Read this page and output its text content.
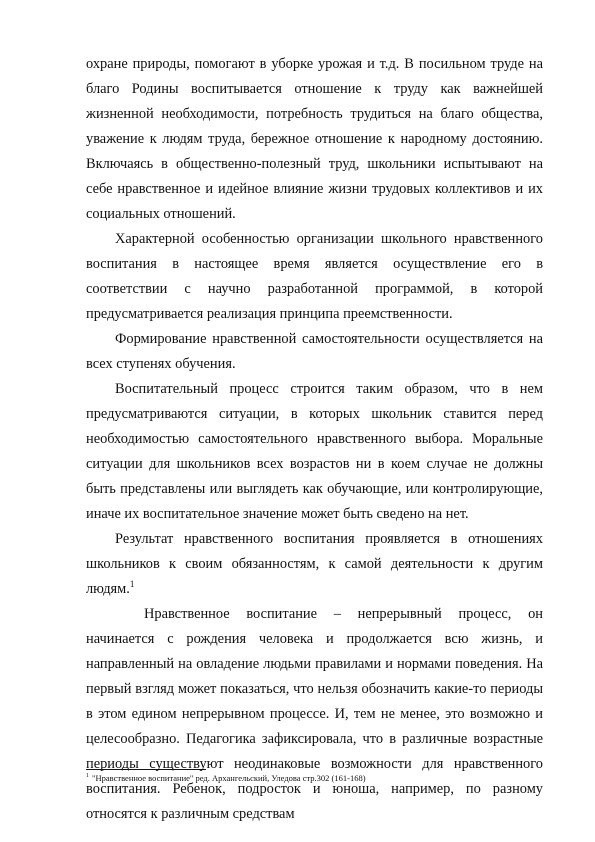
охране природы, помогают в уборке урожая и т.д. В посильном труде на благо Родины воспитывается отношение к труду как важнейшей жизненной необходимости, потребность трудиться на благо общества, уважение к людям труда, бережное отношение к народному достоянию. Включаясь в общественно-полезный труд, школьники испытывают на себе нравственное и идейное влияние жизни трудовых коллективов и их социальных отношений.

Характерной особенностью организации школьного нравственного воспитания в настоящее время является осуществление его в соответствии с научно разработанной программой, в которой предусматривается реализация принципа преемственности.

Формирование нравственной самостоятельности осуществляется на всех ступенях обучения.

Воспитательный процесс строится таким образом, что в нем предусматриваются ситуации, в которых школьник ставится перед необходимостью самостоятельного нравственного выбора. Моральные ситуации для школьников всех возрастов ни в коем случае не должны быть представлены или выглядеть как обучающие, или контролирующие, иначе их воспитательное значение может быть сведено на нет.

Результат нравственного воспитания проявляется в отношениях школьников к своим обязанностям, к самой деятельности к другим людям.$^1$

Нравственное воспитание – непрерывный процесс, он начинается с рождения человека и продолжается всю жизнь, и направленный на овладение людьми правилами и нормами поведения. На первый взгляд может показаться, что нельзя обозначить какие-то периоды в этом едином непрерывном процессе. И, тем не менее, это возможно и целесообразно. Педагогика зафиксировала, что в различные возрастные периоды существуют неодинаковые возможности для нравственного воспитания. Ребенок, подросток и юноша, например, по разному относятся к различным средствам

$^1$ "Нравственное воспитание" ред. Архангельский, Уледова стр.302 (161-168)
